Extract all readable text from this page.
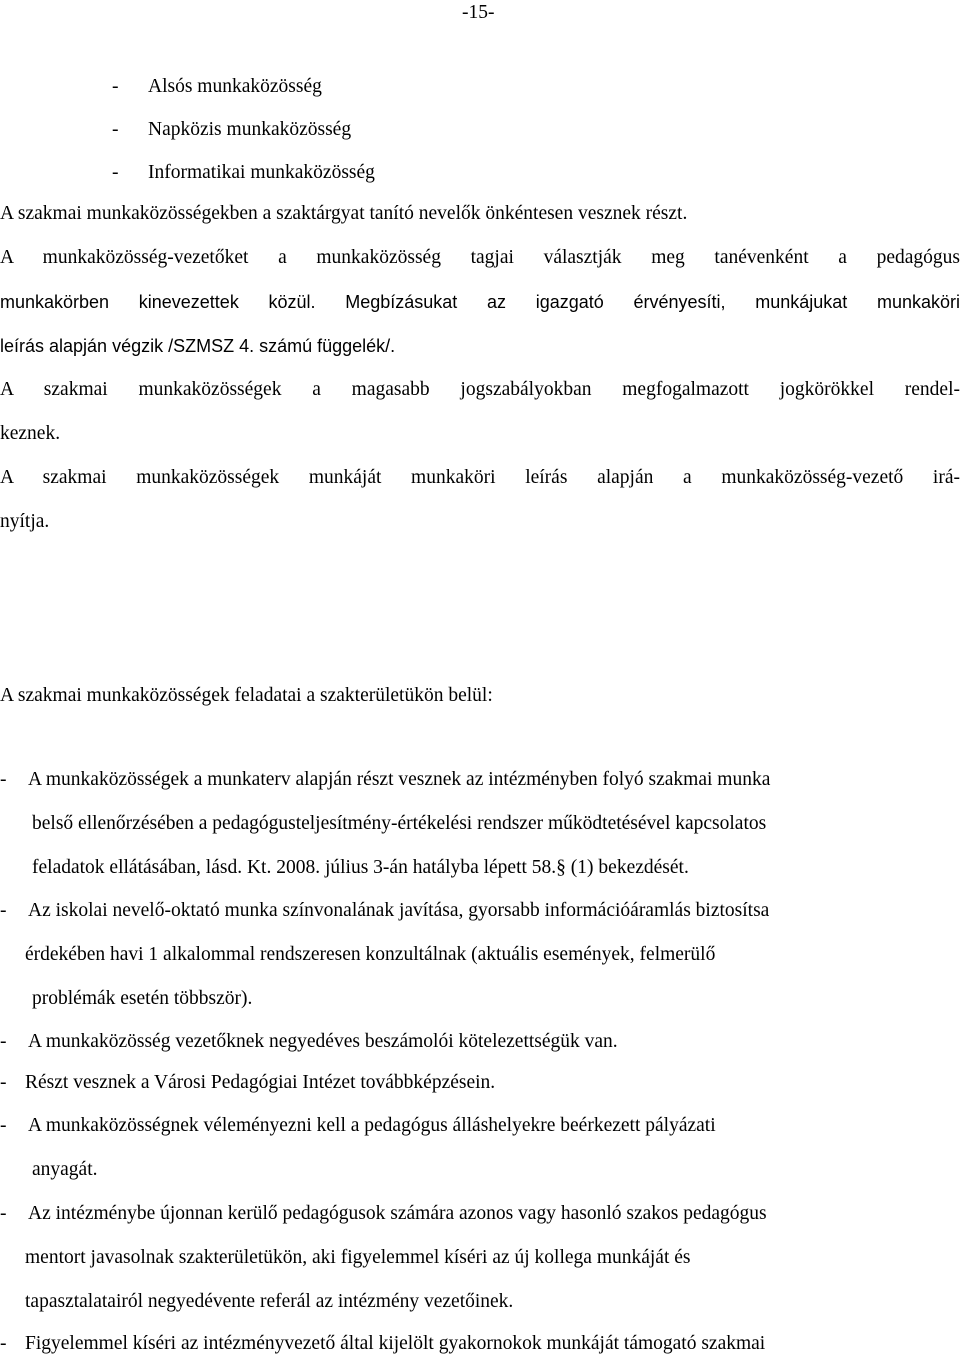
-15-
- Alsós munkaközösség
- Napközis munkaközösség
- Informatikai munkaközösség
A szakmai munkaközösségekben a szaktárgyat tanító nevelők önkéntesen vesznek részt.
A munkaközösség-vezetőket a munkaközösség tagjai választják meg tanévenként a pedagógus
munkakörben kinevezettek közül. Megbízásukat az igazgató érvényesíti, munkájukat munkaköri
leírás alapján végzik /SZMSZ 4. számú függelék/.
A szakmai munkaközösségek a magasabb jogszabályokban megfogalmazott jogkörökkel rendel-
keznek.
A szakmai munkaközösségek munkáját munkaköri leírás alapján a munkaközösség-vezető irá-
nyítja.
A szakmai munkaközösségek feladatai a szakterületükön belül:
- A munkaközösségek a munkaterv alapján részt vesznek az intézményben folyó szakmai munka
belső ellenőrzésében a pedagógusteljesítmény-értékelési rendszer működtetésével kapcsolatos
feladatok ellátásában, lásd. Kt. 2008. július 3-án hatályba lépett 58.§ (1) bekezdését.
- Az iskolai nevelő-oktató munka színvonalának javítása, gyorsabb információáramlás biztosítsa
érdekében havi 1 alkalommal rendszeresen konzultálnak (aktuális események, felmerülő
problémák esetén többször).
- A munkaközösség vezetőknek negyedéves beszámolói kötelezettségük van.
- Részt vesznek a Városi Pedagógiai Intézet továbbképzésein.
- A munkaközösségnek véleményezni kell a pedagógus álláshelyekre beérkezett pályázati
anyagát.
- Az intézménybe újonnan kerülő pedagógusok számára azonos vagy hasonló szakos pedagógus
mentort javasolnak szakterületükön, aki figyelemmel kíséri az új kollega munkáját és
tapasztalatairól negyedévente referál az intézmény vezetőinek.
- Figyelemmel kíséri az intézményvezető által kijelölt gyakornokok munkáját támogató szakmai
